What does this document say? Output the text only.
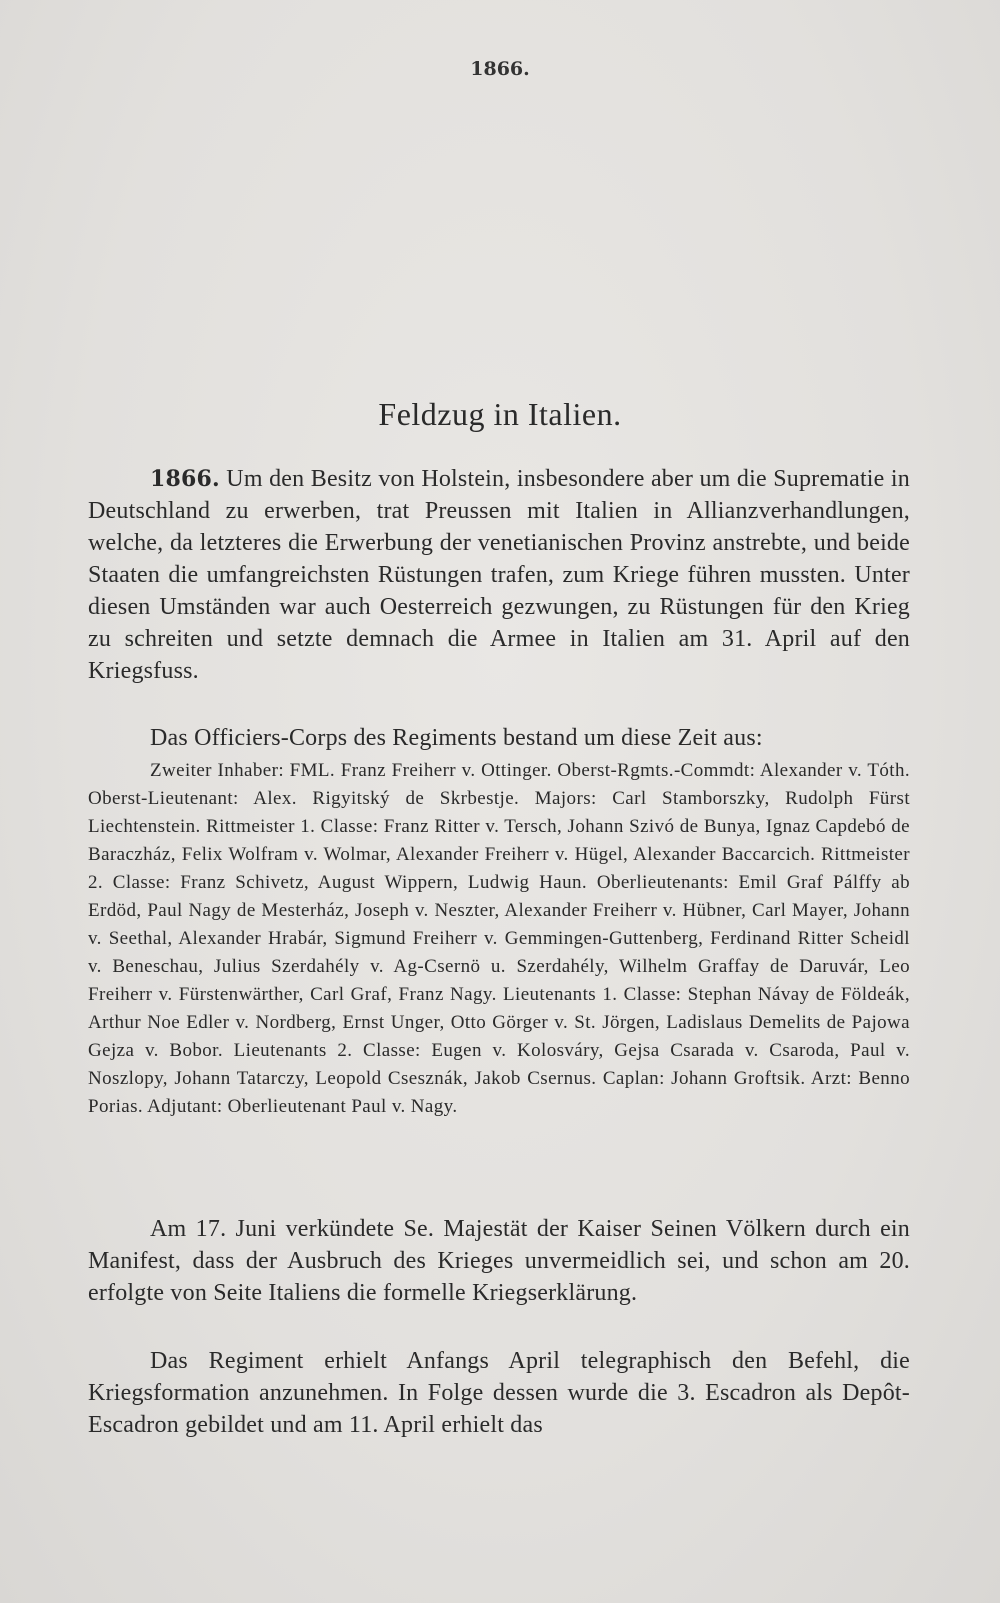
1866.
Feldzug in Italien.
1866. Um den Besitz von Holstein, insbesondere aber um die Suprematie in Deutschland zu erwerben, trat Preussen mit Italien in Allianzverhandlungen, welche, da letzteres die Erwerbung der venetianischen Provinz anstrebte, und beide Staaten die umfangreichsten Rüstungen trafen, zum Kriege führen mussten. Unter diesen Umständen war auch Oesterreich gezwungen, zu Rüstungen für den Krieg zu schreiten und setzte demnach die Armee in Italien am 31. April auf den Kriegsfuss.
Das Officiers-Corps des Regiments bestand um diese Zeit aus:
Zweiter Inhaber: FML. Franz Freiherr v. Ottinger. Oberst-Rgmts.-Commdt: Alexander v. Tóth. Oberst-Lieutenant: Alex. Rigyitský de Skrbestje. Majors: Carl Stamborszky, Rudolph Fürst Liechtenstein. Rittmeister 1. Classe: Franz Ritter v. Tersch, Johann Szivó de Bunya, Ignaz Capdebó de Baraczház, Felix Wolfram v. Wolmar, Alexander Freiherr v. Hügel, Alexander Baccarcich. Rittmeister 2. Classe: Franz Schivetz, August Wippern, Ludwig Haun. Oberlieutenants: Emil Graf Pálffy ab Erdöd, Paul Nagy de Mesterház, Joseph v. Neszter, Alexander Freiherr v. Hübner, Carl Mayer, Johann v. Seethal, Alexander Hrabár, Sigmund Freiherr v. Gemmingen-Guttenberg, Ferdinand Ritter Scheidl v. Beneschau, Julius Szerdahély v. Ag-Csernö u. Szerdahély, Wilhelm Graffay de Daruvár, Leo Freiherr v. Fürstenwärther, Carl Graf, Franz Nagy. Lieutenants 1. Classe: Stephan Návay de Földeák, Arthur Noe Edler v. Nordberg, Ernst Unger, Otto Görger v. St. Jörgen, Ladislaus Demelits de Pajowa Gejza v. Bobor. Lieutenants 2. Classe: Eugen v. Kolosváry, Gejsa Csarada v. Csaroda, Paul v. Noszlopy, Johann Tatarczy, Leopold Csesznák, Jakob Csernus. Caplan: Johann Groftsik. Arzt: Benno Porias. Adjutant: Oberlieutenant Paul v. Nagy.
Am 17. Juni verkündete Se. Majestät der Kaiser Seinen Völkern durch ein Manifest, dass der Ausbruch des Krieges unvermeidlich sei, und schon am 20. erfolgte von Seite Italiens die formelle Kriegserklärung.
Das Regiment erhielt Anfangs April telegraphisch den Befehl, die Kriegsformation anzunehmen. In Folge dessen wurde die 3. Escadron als Depôt-Escadron gebildet und am 11. April erhielt das
